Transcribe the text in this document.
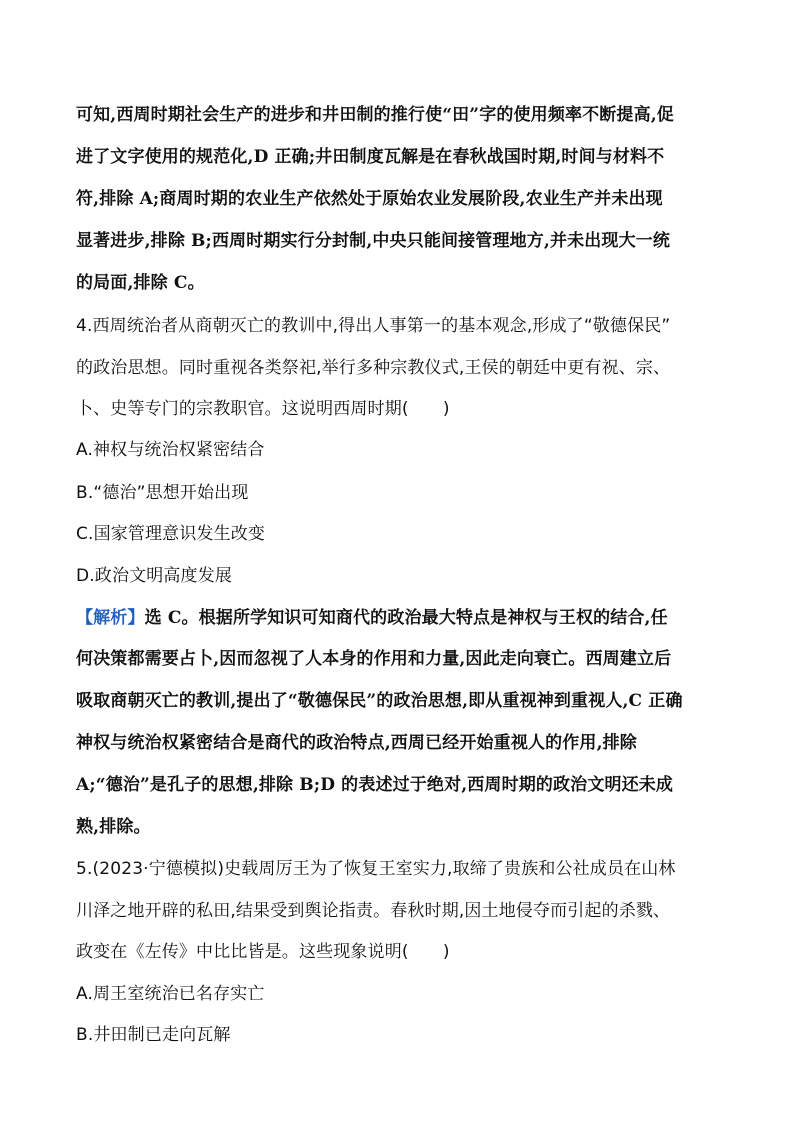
可知,西周时期社会生产的进步和井田制的推行使“田”字的使用频率不断提高,促
进了文字使用的规范化,D 正确;井田制度瓦解是在春秋战国时期,时间与材料不
符,排除 A;商周时期的农业生产依然处于原始农业发展阶段,农业生产并未出现
显著进步,排除 B;西周时期实行分封制,中央只能间接管理地方,并未出现大一统
的局面,排除 C。
4.西周统治者从商朝灭亡的教训中,得出人事第一的基本观念,形成了“敬德保民”
的政治思想。同时重视各类祭祀,举行多种宗教仪式,王侯的朝廷中更有祝、宗、
卜、史等专门的宗教职官。这说明西周时期(　　)
A.神权与统治权紧密结合
B.“德治”思想开始出现
C.国家管理意识发生改变
D.政治文明高度发展
【解析】选 C。根据所学知识可知商代的政治最大特点是神权与王权的结合,任
何决策都需要占卜,因而忽视了人本身的作用和力量,因此走向衰亡。西周建立后
吸取商朝灭亡的教训,提出了“敬德保民”的政治思想,即从重视神到重视人,C 正确
神权与统治权紧密结合是商代的政治特点,西周已经开始重视人的作用,排除
A;“德治”是孔子的思想,排除 B;D 的表述过于绝对,西周时期的政治文明还未成
熟,排除。
5.(2023·宁德模拟)史载周厉王为了恢复王室实力,取缔了贵族和公社成员在山林
川泽之地开辟的私田,结果受到舆论指责。春秋时期,因土地侵夺而引起的杀戮、
政变在《左传》中比比皆是。这些现象说明(　　)
A.周王室统治已名存实亡
B.井田制已走向瓦解
